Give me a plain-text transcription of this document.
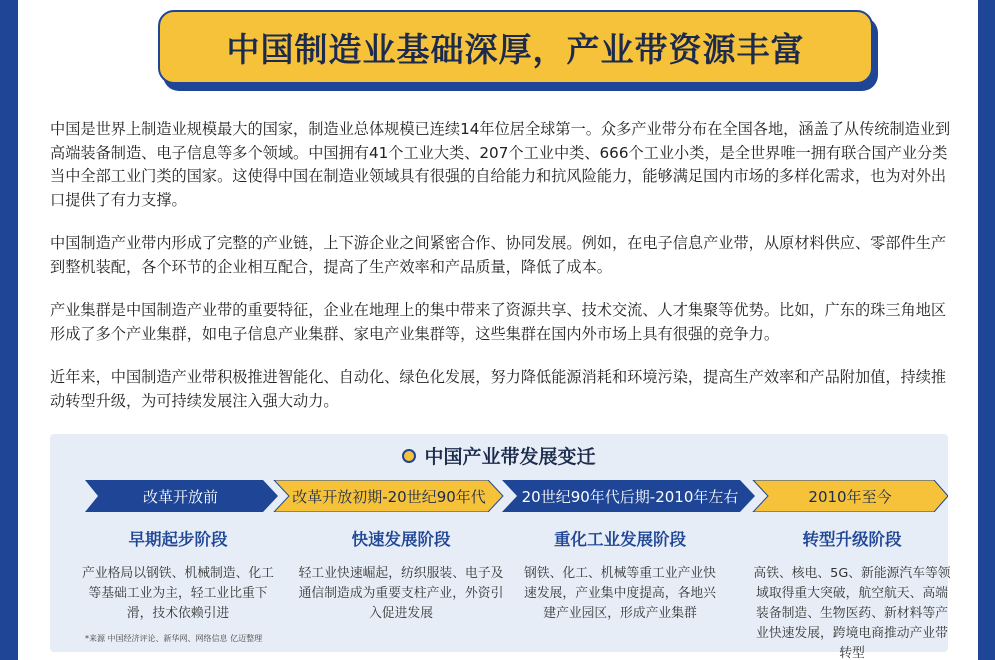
中国制造业基础深厚，产业带资源丰富

中国是世界上制造业规模最大的国家，制造业总体规模已连续14年位居全球第一。众多产业带分布在全国各地，涵盖了从传统制造业到高端装备制造、电子信息等多个领域。中国拥有41个工业大类、207个工业中类、666个工业小类，是全世界唯一拥有联合国产业分类当中全部工业门类的国家。这使得中国在制造业领域具有很强的自给能力和抗风险能力，能够满足国内市场的多样化需求，也为对外出口提供了有力支撑。

中国制造产业带内形成了完整的产业链，上下游企业之间紧密合作、协同发展。例如，在电子信息产业带，从原材料供应、零部件生产到整机装配，各个环节的企业相互配合，提高了生产效率和产品质量，降低了成本。

产业集群是中国制造产业带的重要特征，企业在地理上的集中带来了资源共享、技术交流、人才集聚等优势。比如，广东的珠三角地区形成了多个产业集群，如电子信息产业集群、家电产业集群等，这些集群在国内外市场上具有很强的竞争力。

近年来，中国制造产业带积极推进智能化、自动化、绿色化发展，努力降低能源消耗和环境污染，提高生产效率和产品附加值，持续推动转型升级，为可持续发展注入强大动力。

中国产业带发展变迁
改革开放前	改革开放初期-20世纪90年代	20世纪90年代后期-2010年左右	2010年至今
早期起步阶段

产业格局以钢铁、机械制造、化工等基础工业为主，轻工业比重下滑，技术依赖引进

快速发展阶段

轻工业快速崛起，纺织服装、电子及通信制造成为重要支柱产业，外资引入促进发展

重化工业发展阶段

钢铁、化工、机械等重工业产业快速发展，产业集中度提高，各地兴建产业园区，形成产业集群

转型升级阶段

高铁、核电、5G、新能源汽车等领域取得重大突破，航空航天、高端装备制造、生物医药、新材料等产业快速发展，跨境电商推动产业带转型

*来源 中国经济评论、新华网、网络信息 亿迈整理
